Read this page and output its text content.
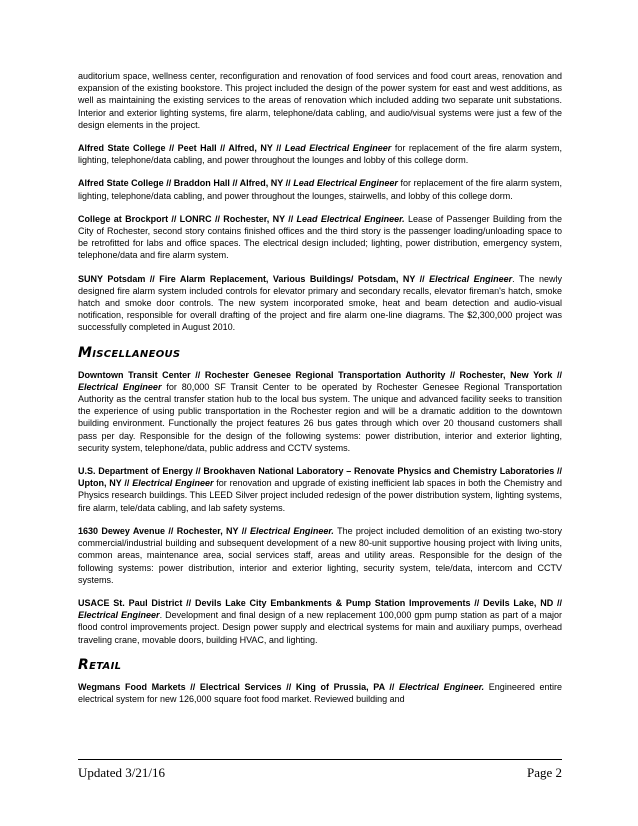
auditorium space, wellness center, reconfiguration and renovation of food services and food court areas, renovation and expansion of the existing bookstore. This project included the design of the power system for east and west additions, as well as maintaining the existing services to the areas of renovation which included adding two separate unit substations. Interior and exterior lighting systems, fire alarm, telephone/data cabling, and audio/visual systems were just a few of the design elements in the project.

Alfred State College // Peet Hall // Alfred, NY // Lead Electrical Engineer for replacement of the fire alarm system, lighting, telephone/data cabling, and power throughout the lounges and lobby of this college dorm.

Alfred State College // Braddon Hall // Alfred, NY // Lead Electrical Engineer for replacement of the fire alarm system, lighting, telephone/data cabling, and power throughout the lounges, stairwells, and lobby of this college dorm.

College at Brockport // LONRC // Rochester, NY // Lead Electrical Engineer. Lease of Passenger Building from the City of Rochester, second story contains finished offices and the third story is the passenger loading/unloading space to be retrofitted for labs and office spaces. The electrical design included; lighting, power distribution, emergency system, telephone/data and fire alarm system.

SUNY Potsdam // Fire Alarm Replacement, Various Buildings/ Potsdam, NY // Electrical Engineer. The newly designed fire alarm system included controls for elevator primary and secondary recalls, elevator fireman's hatch, smoke hatch and smoke door controls. The new system incorporated smoke, heat and beam detection and audio-visual notification, responsible for overall drafting of the project and fire alarm one-line diagrams. The $2,300,000 project was successfully completed in August 2010.

Miscellaneous

Downtown Transit Center // Rochester Genesee Regional Transportation Authority // Rochester, New York // Electrical Engineer for 80,000 SF Transit Center to be operated by Rochester Genesee Regional Transportation Authority as the central transfer station hub to the local bus system. The unique and advanced facility seeks to transition the experience of using public transportation in the Rochester region and will be a dramatic addition to the downtown building environment. Functionally the project features 26 bus gates through which over 20 thousand customers shall pass per day. Responsible for the design of the following systems: power distribution, interior and exterior lighting, security system, telephone/data, public address and CCTV systems.

U.S. Department of Energy // Brookhaven National Laboratory – Renovate Physics and Chemistry Laboratories // Upton, NY // Electrical Engineer for renovation and upgrade of existing inefficient lab spaces in both the Chemistry and Physics research buildings. This LEED Silver project included redesign of the power distribution system, lighting systems, fire alarm, tele/data cabling, and lab safety systems.

1630 Dewey Avenue // Rochester, NY // Electrical Engineer. The project included demolition of an existing two-story commercial/industrial building and subsequent development of a new 80-unit supportive housing project with living units, common areas, maintenance area, social services staff, areas and utility areas. Responsible for the design of the following systems: power distribution, interior and exterior lighting, security system, tele/data, intercom and CCTV systems.

USACE St. Paul District // Devils Lake City Embankments & Pump Station Improvements // Devils Lake, ND // Electrical Engineer. Development and final design of a new replacement 100,000 gpm pump station as part of a major flood control improvements project. Design power supply and electrical systems for main and auxiliary pumps, overhead traveling crane, movable doors, building HVAC, and lighting.

Retail

Wegmans Food Markets // Electrical Services // King of Prussia, PA // Electrical Engineer. Engineered entire electrical system for new 126,000 square foot food market. Reviewed building and

Updated 3/21/16	Page 2
